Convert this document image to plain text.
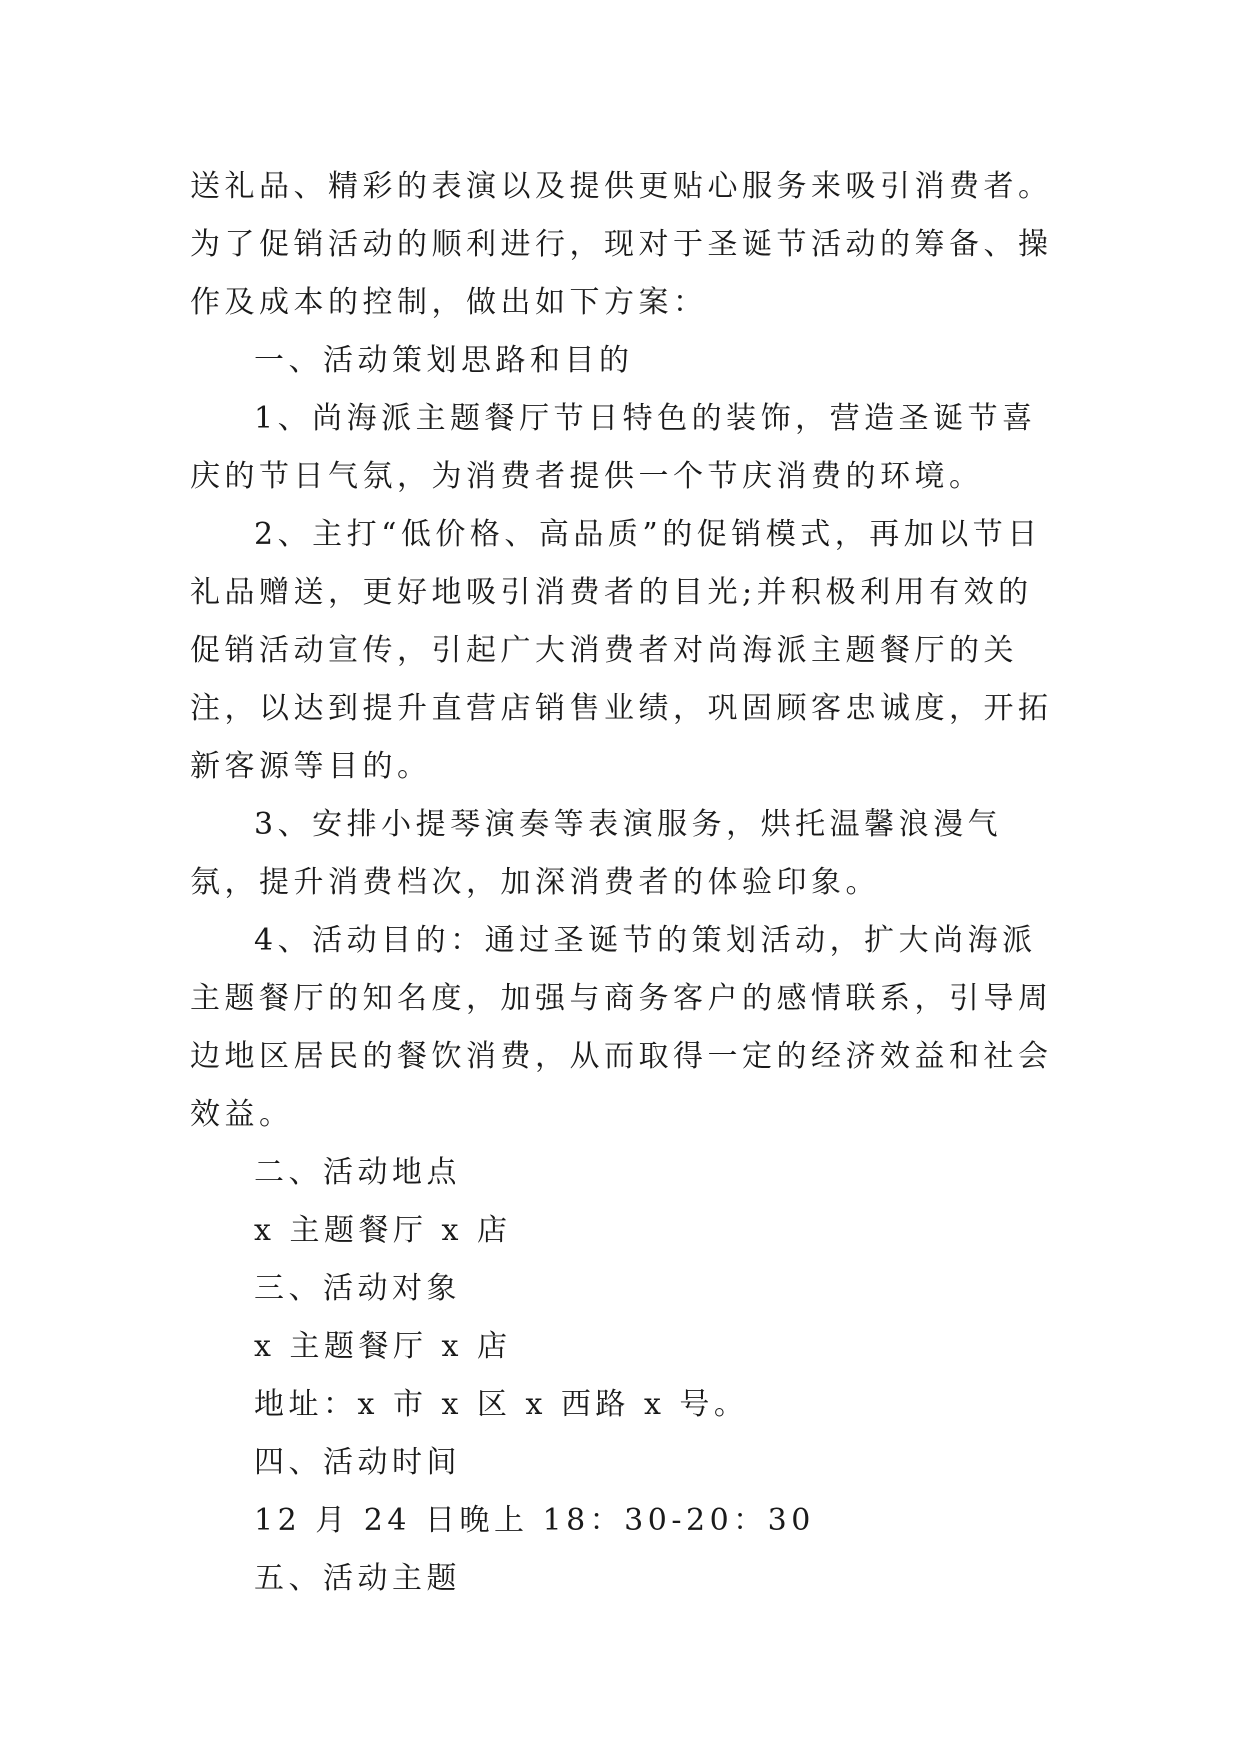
送礼品、精彩的表演以及提供更贴心服务来吸引消费者。为了促销活动的顺利进行，现对于圣诞节活动的筹备、操作及成本的控制，做出如下方案：

一、活动策划思路和目的

1、尚海派主题餐厅节日特色的装饰，营造圣诞节喜庆的节日气氛，为消费者提供一个节庆消费的环境。

2、主打“低价格、高品质”的促销模式，再加以节日礼品赠送，更好地吸引消费者的目光;并积极利用有效的促销活动宣传，引起广大消费者对尚海派主题餐厅的关注，以达到提升直营店销售业绩，巩固顾客忠诚度，开拓新客源等目的。

3、安排小提琴演奏等表演服务，烘托温馨浪漫气氛，提升消费档次，加深消费者的体验印象。

4、活动目的：通过圣诞节的策划活动，扩大尚海派主题餐厅的知名度，加强与商务客户的感情联系，引导周边地区居民的餐饮消费，从而取得一定的经济效益和社会效益。

二、活动地点

x 主题餐厅 x 店

三、活动对象

x 主题餐厅 x 店

地址：x 市 x 区 x 西路 x 号。

四、活动时间

12 月 24 日晚上 18：30-20：30

五、活动主题
